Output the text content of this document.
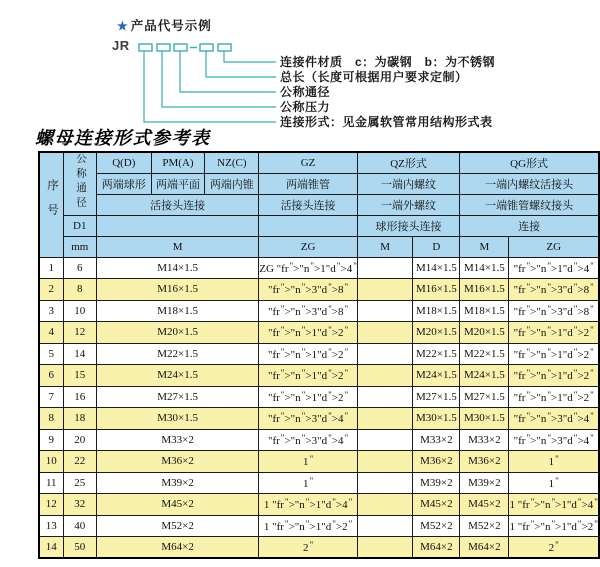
★ 产品代号示例
JR
连接件材质　c：为碳钢　b：为不锈钢
总长（长度可根据用户要求定制）
公称通径
公称压力
连接形式：见金属软管常用结构形式表
螺母连接形式参考表
序号	公称通径	Q(D)	PM(A)	NZ(C)	GZ	QZ形式		QG形式	
		两端球形	两端平面	两端内锥	两端锥管	一端内螺纹		一端内螺纹活接头	
		活接头连接			活接头连接	一端外螺纹		一端锥管螺纹接头	
	D1					球形接头连接		连接	
	mm	M			ZG	M	D	M	ZG
1	6	M14×1.5			ZG "fr">"n">1"d">4"		M14×1.5	M14×1.5	"fr">"n">1"d">4"
2	8	M16×1.5			"fr">"n">3"d">8"		M16×1.5	M16×1.5	"fr">"n">3"d">8"
3	10	M18×1.5			"fr">"n">3"d">8"		M18×1.5	M18×1.5	"fr">"n">3"d">8"
4	12	M20×1.5			"fr">"n">1"d">2"		M20×1.5	M20×1.5	"fr">"n">1"d">2"
5	14	M22×1.5			"fr">"n">1"d">2"		M22×1.5	M22×1.5	"fr">"n">1"d">2"
6	15	M24×1.5			"fr">"n">1"d">2"		M24×1.5	M24×1.5	"fr">"n">1"d">2"
7	16	M27×1.5			"fr">"n">1"d">2"		M27×1.5	M27×1.5	"fr">"n">1"d">2"
8	18	M30×1.5			"fr">"n">3"d">4"		M30×1.5	M30×1.5	"fr">"n">3"d">4"
9	20	M33×2			"fr">"n">3"d">4"		M33×2	M33×2	"fr">"n">3"d">4"
10	22	M36×2			1"		M36×2	M36×2	1"
11	25	M39×2			1"		M39×2	M39×2	1"
12	32	M45×2			1 "fr">"n">1"d">4"		M45×2	M45×2	1 "fr">"n">1"d">4"
13	40	M52×2			1 "fr">"n">1"d">2"		M52×2	M52×2	1 "fr">"n">1"d">2"
14	50	M64×2			2"		M64×2	M64×2	2"
